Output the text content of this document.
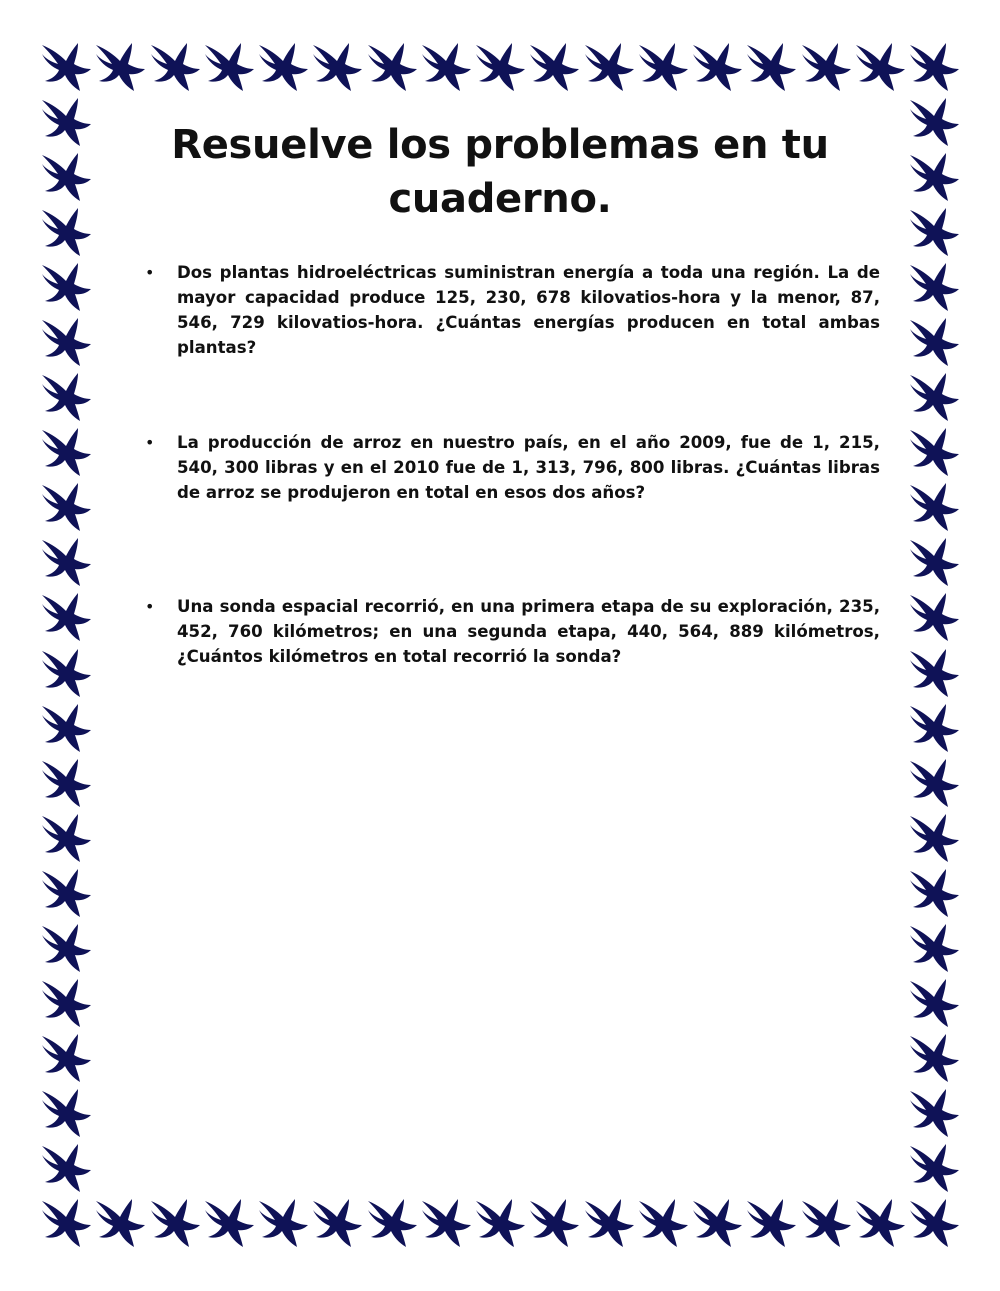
Resuelve los problemas en tu cuaderno.
• Dos plantas hidroeléctricas suministran energía a toda una región. La de mayor capacidad produce 125, 230, 678 kilovatios-hora y la menor, 87, 546, 729 kilovatios-hora. ¿Cuántas energías producen en total ambas plantas?

• La producción de arroz en nuestro país, en el año 2009, fue de 1, 215, 540, 300 libras y en el 2010 fue de 1, 313, 796, 800 libras. ¿Cuántas libras de arroz se produjeron en total en esos dos años?

• Una sonda espacial recorrió, en una primera etapa de su exploración, 235, 452, 760 kilómetros; en una segunda etapa, 440, 564, 889 kilómetros, ¿Cuántos kilómetros en total recorrió la sonda?
